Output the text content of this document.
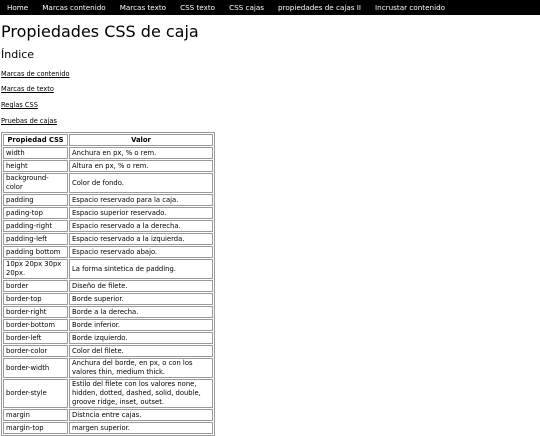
Home	Marcas contenido	Marcas texto	CSS texto	CSS cajas	propiedades de cajas II	Incrustar contenido
Propiedades CSS de caja
Índice
Marcas de contenido
Marcas de texto
Reglas CSS
Pruebas de cajas
Propiedad CSS	Valor
width	Anchura en px, % o rem.
height	Altura en px, % o rem.
background-color	Color de fondo.
padding	Espacio reservado para la caja.
pading-top	Espacio superior reservado.
padding-right	Espacio reservado a la derecha.
padding-left	Espacio reservado a la izquierda.
padding bottom	Espacio reservado abajo.
10px 20px 30px 20px.	La forma sintetica de padding.
border	Diseño de filete.
border-top	Borde superior.
border-right	Borde a la derecha.
border-bottom	Borde inferior.
border-left	Borde izquierdo.
border-color	Color del filete.
border-width	Anchura del borde, en px, o con los valores thin, medium thick.
border-style	Estilo del filete con los valores none, hidden, dotted, dashed, solid, double, groove ridge, inset, outset.
margin	Distncia entre cajas.
margin-top	margen superior.
